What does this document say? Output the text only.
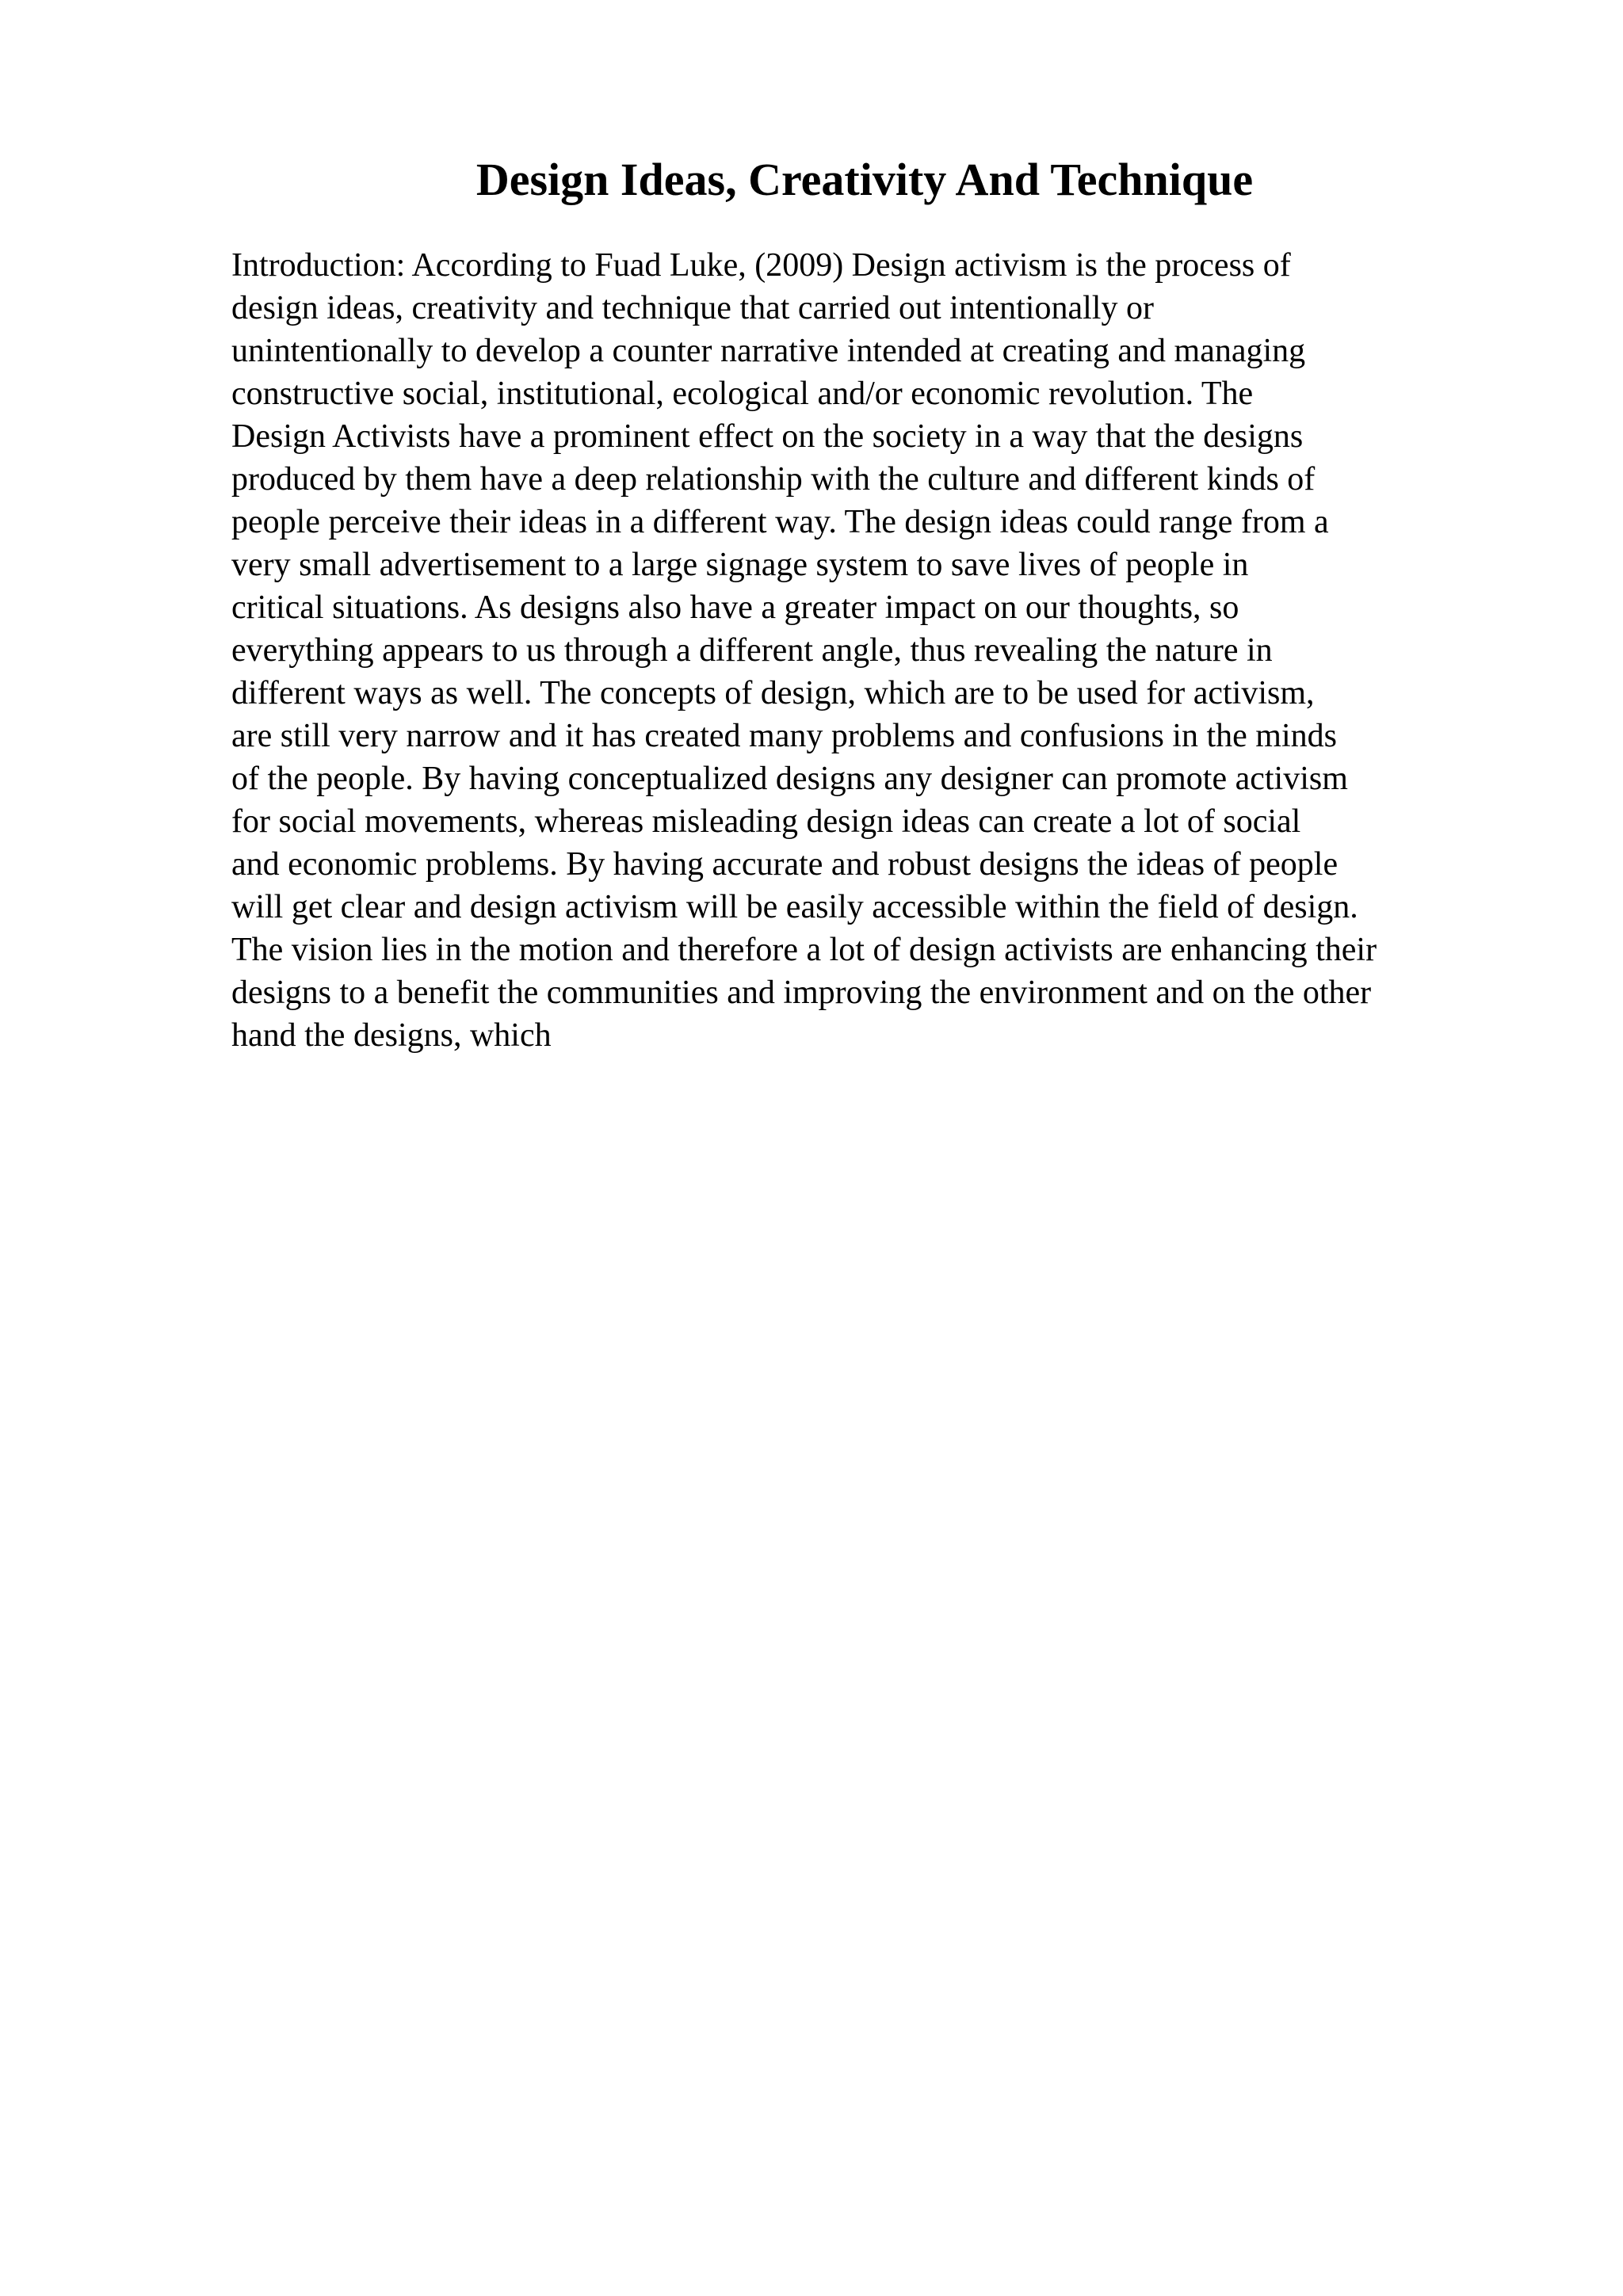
Design Ideas, Creativity And Technique
Introduction: According to Fuad Luke, (2009) Design activism is the process of
design ideas, creativity and technique that carried out intentionally or
unintentionally to develop a counter narrative intended at creating and managing
constructive social, institutional, ecological and/or economic revolution. The
Design Activists have a prominent effect on the society in a way that the designs
produced by them have a deep relationship with the culture and different kinds of
people perceive their ideas in a different way. The design ideas could range from a
very small advertisement to a large signage system to save lives of people in
critical situations. As designs also have a greater impact on our thoughts, so
everything appears to us through a different angle, thus revealing the nature in
different ways as well. The concepts of design, which are to be used for activism,
are still very narrow and it has created many problems and confusions in the minds
of the people. By having conceptualized designs any designer can promote activism
for social movements, whereas misleading design ideas can create a lot of social
and economic problems. By having accurate and robust designs the ideas of people
will get clear and design activism will be easily accessible within the field of design.
The vision lies in the motion and therefore a lot of design activists are enhancing their
designs to a benefit the communities and improving the environment and on the other
hand the designs, which
